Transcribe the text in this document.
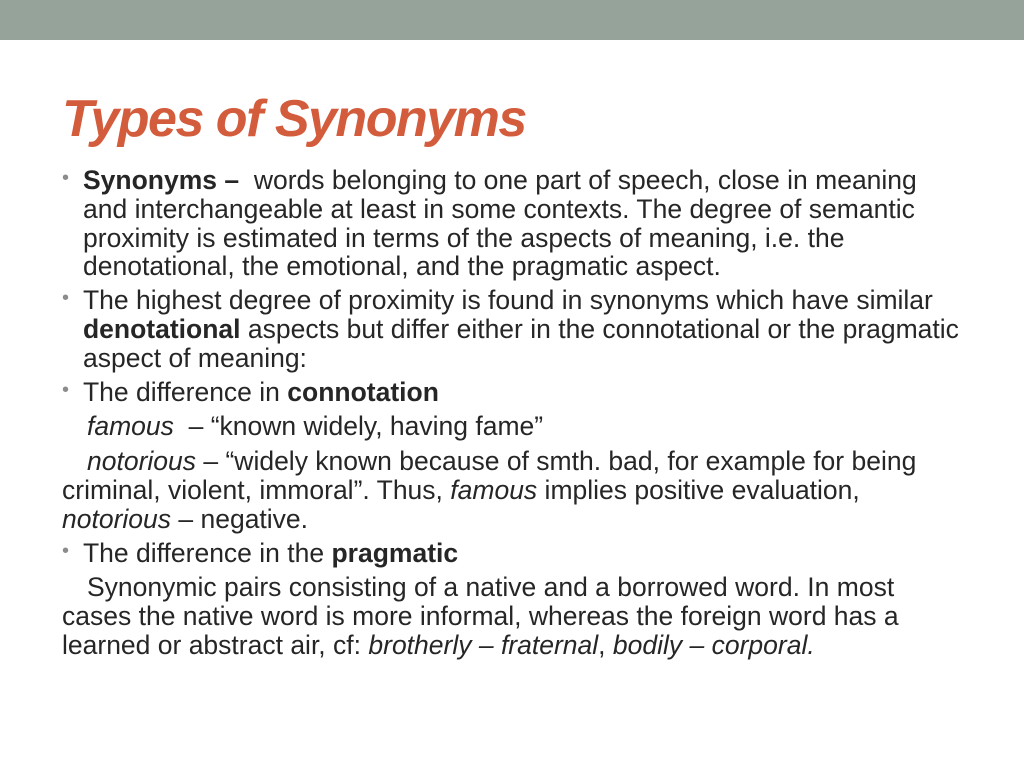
Types of Synonyms
• Synonyms –  words belonging to one part of speech, close in meaning and interchangeable at least in some contexts. The degree of semantic proximity is estimated in terms of the aspects of meaning, i.e. the denotational, the emotional, and the pragmatic aspect.
• The highest degree of proximity is found in synonyms which have similar denotational aspects but differ either in the connotational or the pragmatic aspect of meaning:
• The difference in connotation
famous  – “known widely, having fame”
notorious – “widely known because of smth. bad, for example for being criminal, violent, immoral”. Thus, famous implies positive evaluation, notorious – negative.
• The difference in the pragmatic
Synonymic pairs consisting of a native and a borrowed word. In most cases the native word is more informal, whereas the foreign word has a learned or abstract air, cf: brotherly – fraternal, bodily – corporal.
